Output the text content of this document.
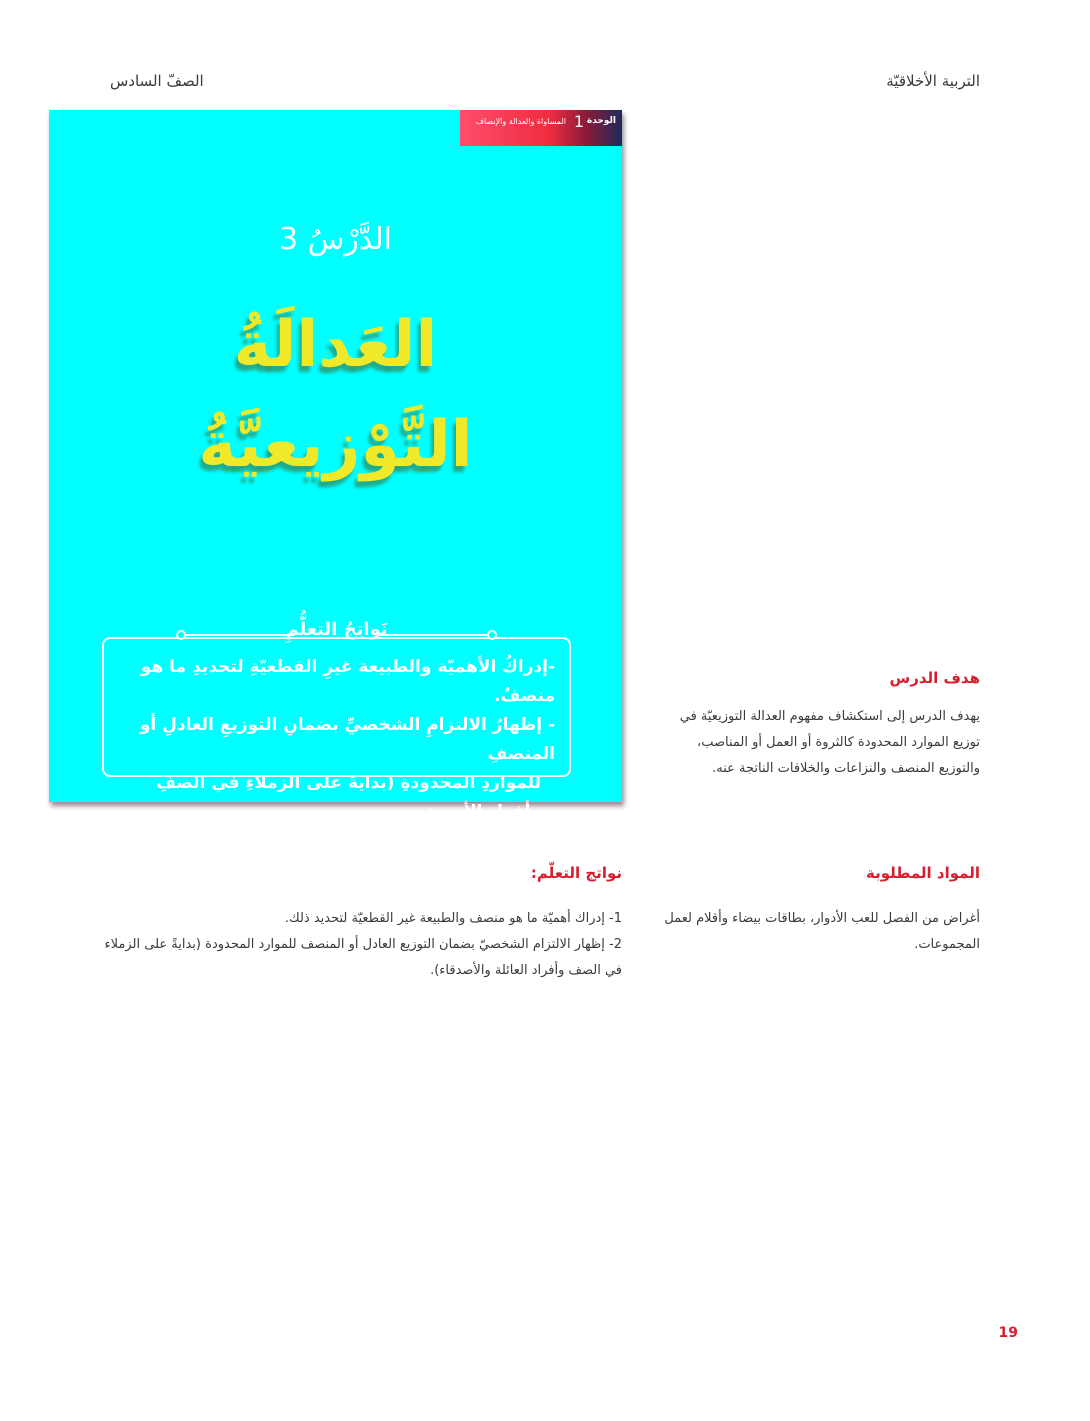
التربية الأخلاقيّة
الصفّ السادس
الوحدة
1
المساواة والعدالة والإنصاف
الدَّرْسُ 3
العَدالَةُ
التَّوْزيعيَّةُ
نَواتِجُ التعلُّمِ

-إدراكُ الأهميّة والطبيعة غيرِ القطعيّةِ لتحديدِ ما هو منصفٌ.

- إظهارُ الالتزامِ الشخصيِّ بضمانِ التوزيعِ العادلِ أو المنصفِ

للمواردِ المحدودةِ (بدايةً على الزملاءِ في الصفِ وأفرادِ الأسرةِ

والأصدقاء).

هدف الدرس

يهدف الدرس إلى استكشاف مفهوم العدالة التوزيعيّة في

توزيع الموارد المحدودة كالثروة أو العمل أو المناصب،

والتوزيع المنصف والنزاعات والخلافات الناتجة عنه.

المواد المطلوبة

أغراض من الفصل للعب الأدوار، بطاقات بيضاء وأقلام لعمل

المجموعات.

نواتج التعلّم:

1- إدراك أهميّة ما هو منصف والطبيعة غير القطعيّة لتحديد ذلك.

2- إظهار الالتزام الشخصيّ بضمان التوزيع العادل أو المنصف للموارد المحدودة (بدايةً على الزملاء

في الصف وأفراد العائلة والأصدقاء).

19
